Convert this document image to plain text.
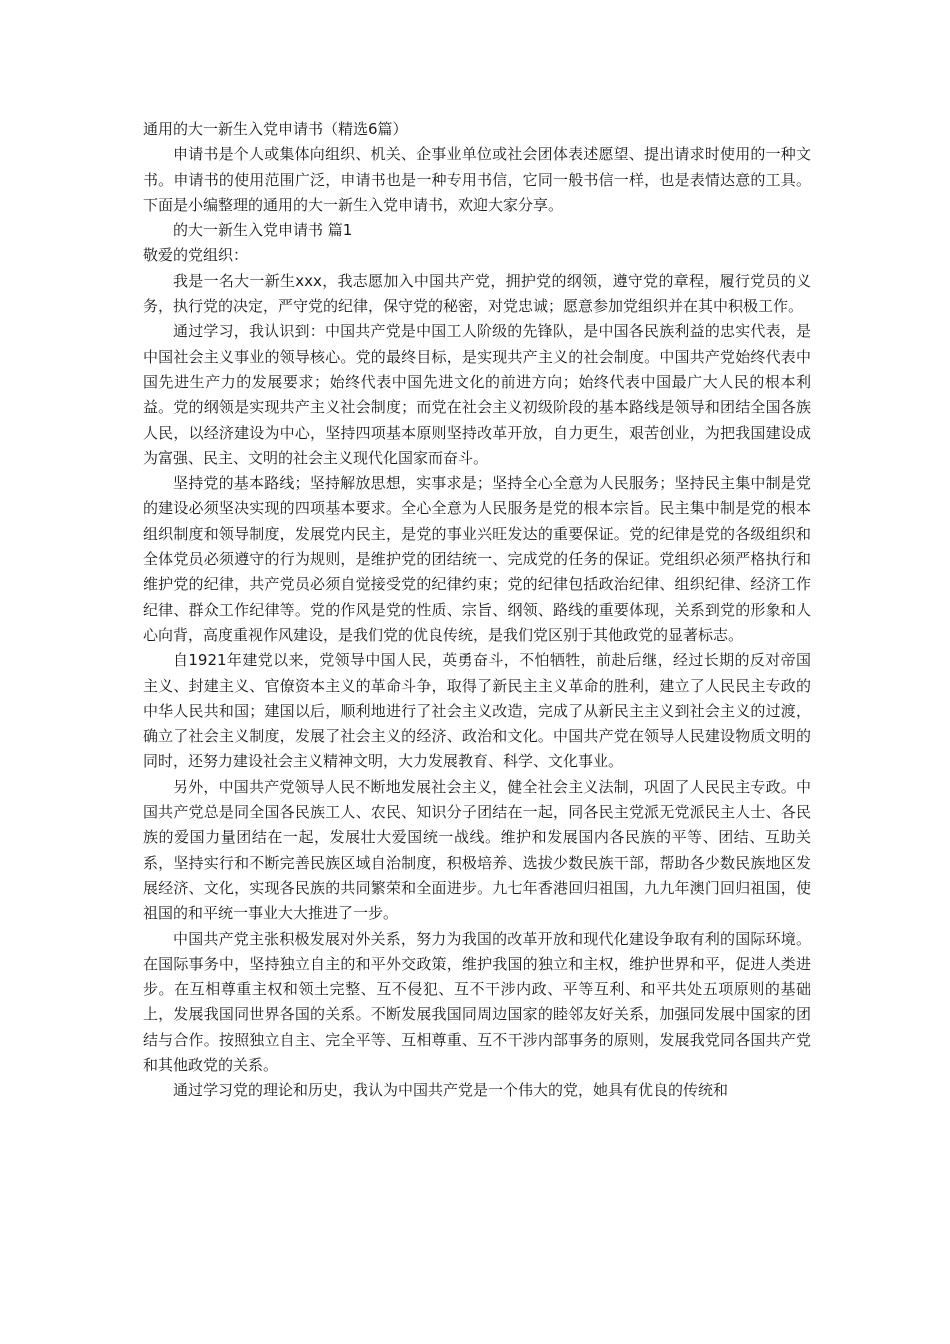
通用的大一新生入党申请书（精选6篇）

申请书是个人或集体向组织、机关、企事业单位或社会团体表述愿望、提出请求时使用的一种文书。申请书的使用范围广泛，申请书也是一种专用书信，它同一般书信一样，也是表情达意的工具。下面是小编整理的通用的大一新生入党申请书，欢迎大家分享。

的大一新生入党申请书 篇1

敬爱的党组织：

我是一名大一新生xxx，我志愿加入中国共产党，拥护党的纲领，遵守党的章程，履行党员的义务，执行党的决定，严守党的纪律，保守党的秘密，对党忠诚；愿意参加党组织并在其中积极工作。

通过学习，我认识到：中国共产党是中国工人阶级的先锋队，是中国各民族利益的忠实代表，是中国社会主义事业的领导核心。党的最终目标，是实现共产主义的社会制度。中国共产党始终代表中国先进生产力的发展要求；始终代表中国先进文化的前进方向；始终代表中国最广大人民的根本利益。党的纲领是实现共产主义社会制度；而党在社会主义初级阶段的基本路线是领导和团结全国各族人民，以经济建设为中心，坚持四项基本原则坚持改革开放，自力更生，艰苦创业，为把我国建设成为富强、民主、文明的社会主义现代化国家而奋斗。

坚持党的基本路线；坚持解放思想，实事求是；坚持全心全意为人民服务；坚持民主集中制是党的建设必须坚决实现的四项基本要求。全心全意为人民服务是党的根本宗旨。民主集中制是党的根本组织制度和领导制度，发展党内民主，是党的事业兴旺发达的重要保证。党的纪律是党的各级组织和全体党员必须遵守的行为规则，是维护党的团结统一、完成党的任务的保证。党组织必须严格执行和维护党的纪律，共产党员必须自觉接受党的纪律约束；党的纪律包括政治纪律、组织纪律、经济工作纪律、群众工作纪律等。党的作风是党的性质、宗旨、纲领、路线的重要体现，关系到党的形象和人心向背，高度重视作风建设，是我们党的优良传统，是我们党区别于其他政党的显著标志。

自1921年建党以来，党领导中国人民，英勇奋斗，不怕牺牲，前赴后继，经过长期的反对帝国主义、封建主义、官僚资本主义的革命斗争，取得了新民主主义革命的胜利，建立了人民民主专政的中华人民共和国；建国以后，顺利地进行了社会主义改造，完成了从新民主主义到社会主义的过渡，确立了社会主义制度，发展了社会主义的经济、政治和文化。中国共产党在领导人民建设物质文明的同时，还努力建设社会主义精神文明，大力发展教育、科学、文化事业。

另外，中国共产党领导人民不断地发展社会主义，健全社会主义法制，巩固了人民民主专政。中国共产党总是同全国各民族工人、农民、知识分子团结在一起，同各民主党派无党派民主人士、各民族的爱国力量团结在一起，发展壮大爱国统一战线。维护和发展国内各民族的平等、团结、互助关系，坚持实行和不断完善民族区域自治制度，积极培养、选拔少数民族干部，帮助各少数民族地区发展经济、文化，实现各民族的共同繁荣和全面进步。九七年香港回归祖国，九九年澳门回归祖国，使祖国的和平统一事业大大推进了一步。

中国共产党主张积极发展对外关系，努力为我国的改革开放和现代化建设争取有利的国际环境。在国际事务中，坚持独立自主的和平外交政策，维护我国的独立和主权，维护世界和平，促进人类进步。在互相尊重主权和领土完整、互不侵犯、互不干涉内政、平等互利、和平共处五项原则的基础上，发展我国同世界各国的关系。不断发展我国同周边国家的睦邻友好关系，加强同发展中国家的团结与合作。按照独立自主、完全平等、互相尊重、互不干涉内部事务的原则，发展我党同各国共产党和其他政党的关系。

通过学习党的理论和历史，我认为中国共产党是一个伟大的党，她具有优良的传统和
